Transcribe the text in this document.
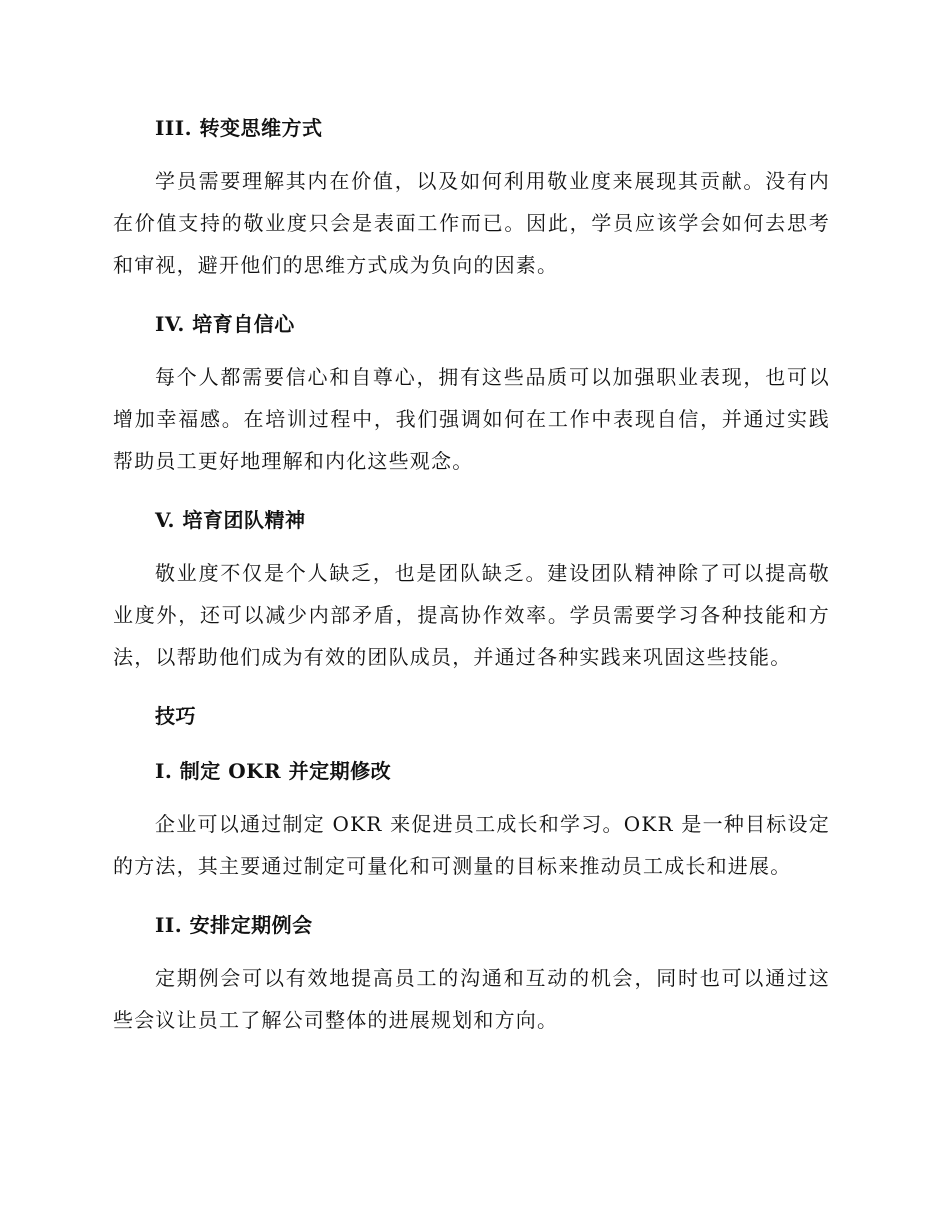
III. 转变思维方式

学员需要理解其内在价值，以及如何利用敬业度来展现其贡献。没有内在价值支持的敬业度只会是表面工作而已。因此，学员应该学会如何去思考和审视，避开他们的思维方式成为负向的因素。

IV. 培育自信心

每个人都需要信心和自尊心，拥有这些品质可以加强职业表现，也可以增加幸福感。在培训过程中，我们强调如何在工作中表现自信，并通过实践帮助员工更好地理解和内化这些观念。

V. 培育团队精神

敬业度不仅是个人缺乏，也是团队缺乏。建设团队精神除了可以提高敬业度外，还可以减少内部矛盾，提高协作效率。学员需要学习各种技能和方法，以帮助他们成为有效的团队成员，并通过各种实践来巩固这些技能。

技巧
I. 制定 OKR 并定期修改

企业可以通过制定 OKR 来促进员工成长和学习。OKR 是一种目标设定的方法，其主要通过制定可量化和可测量的目标来推动员工成长和进展。

II. 安排定期例会

定期例会可以有效地提高员工的沟通和互动的机会，同时也可以通过这些会议让员工了解公司整体的进展规划和方向。
